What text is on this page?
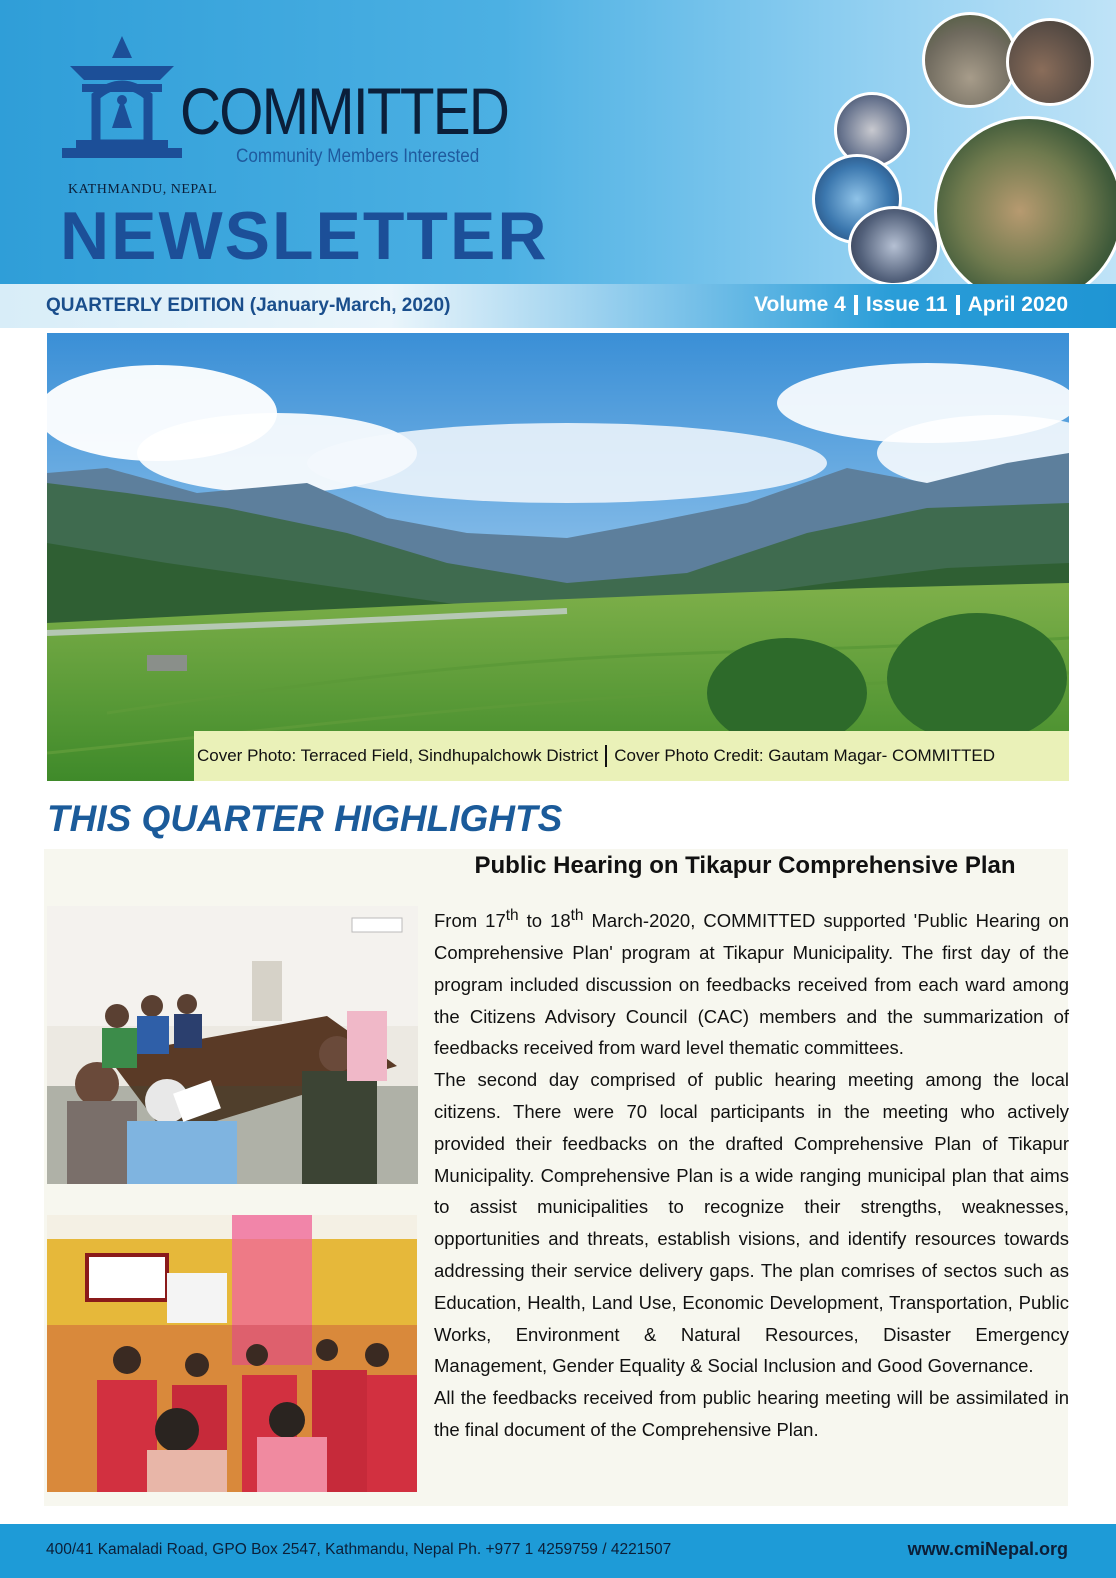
COMMITTED
Community Members Interested
KATHMANDU, NEPAL
NEWSLETTER
QUARTERLY EDITION (January-March, 2020)	Volume 4 Issue 11 April 2020
Cover Photo: Terraced Field, Sindhupalchowk District Cover Photo Credit: Gautam Magar- COMMITTED
THIS QUARTER HIGHLIGHTS
Public Hearing on Tikapur Comprehensive Plan

From 17th to 18th March-2020, COMMITTED supported 'Public Hearing on Comprehensive Plan' program at Tikapur Municipality. The first day of the program included discussion on feedbacks received from each ward among the Citizens Advisory Council (CAC) members and the summarization of feedbacks received from ward level thematic committees.

The second day comprised of public hearing meeting among the local citizens. There were 70 local participants in the meeting who actively provided their feedbacks on the drafted Comprehensive Plan of Tikapur Municipality. Comprehensive Plan is a wide ranging municipal plan that aims to assist municipalities to recognize their strengths, weaknesses, opportunities and threats, establish visions, and identify resources towards addressing their service delivery gaps. The plan comrises of sectos such as Education, Health, Land Use, Economic Development, Transportation, Public Works, Environment & Natural Resources, Disaster Emergency Management, Gender Equality & Social Inclusion and Good Governance.

All the feedbacks received from public hearing meeting will be assimilated in the final document of the Comprehensive Plan.

400/41 Kamaladi Road, GPO Box 2547, Kathmandu, Nepal Ph. +977 1 4259759 / 4221507	www.cmiNepal.org
